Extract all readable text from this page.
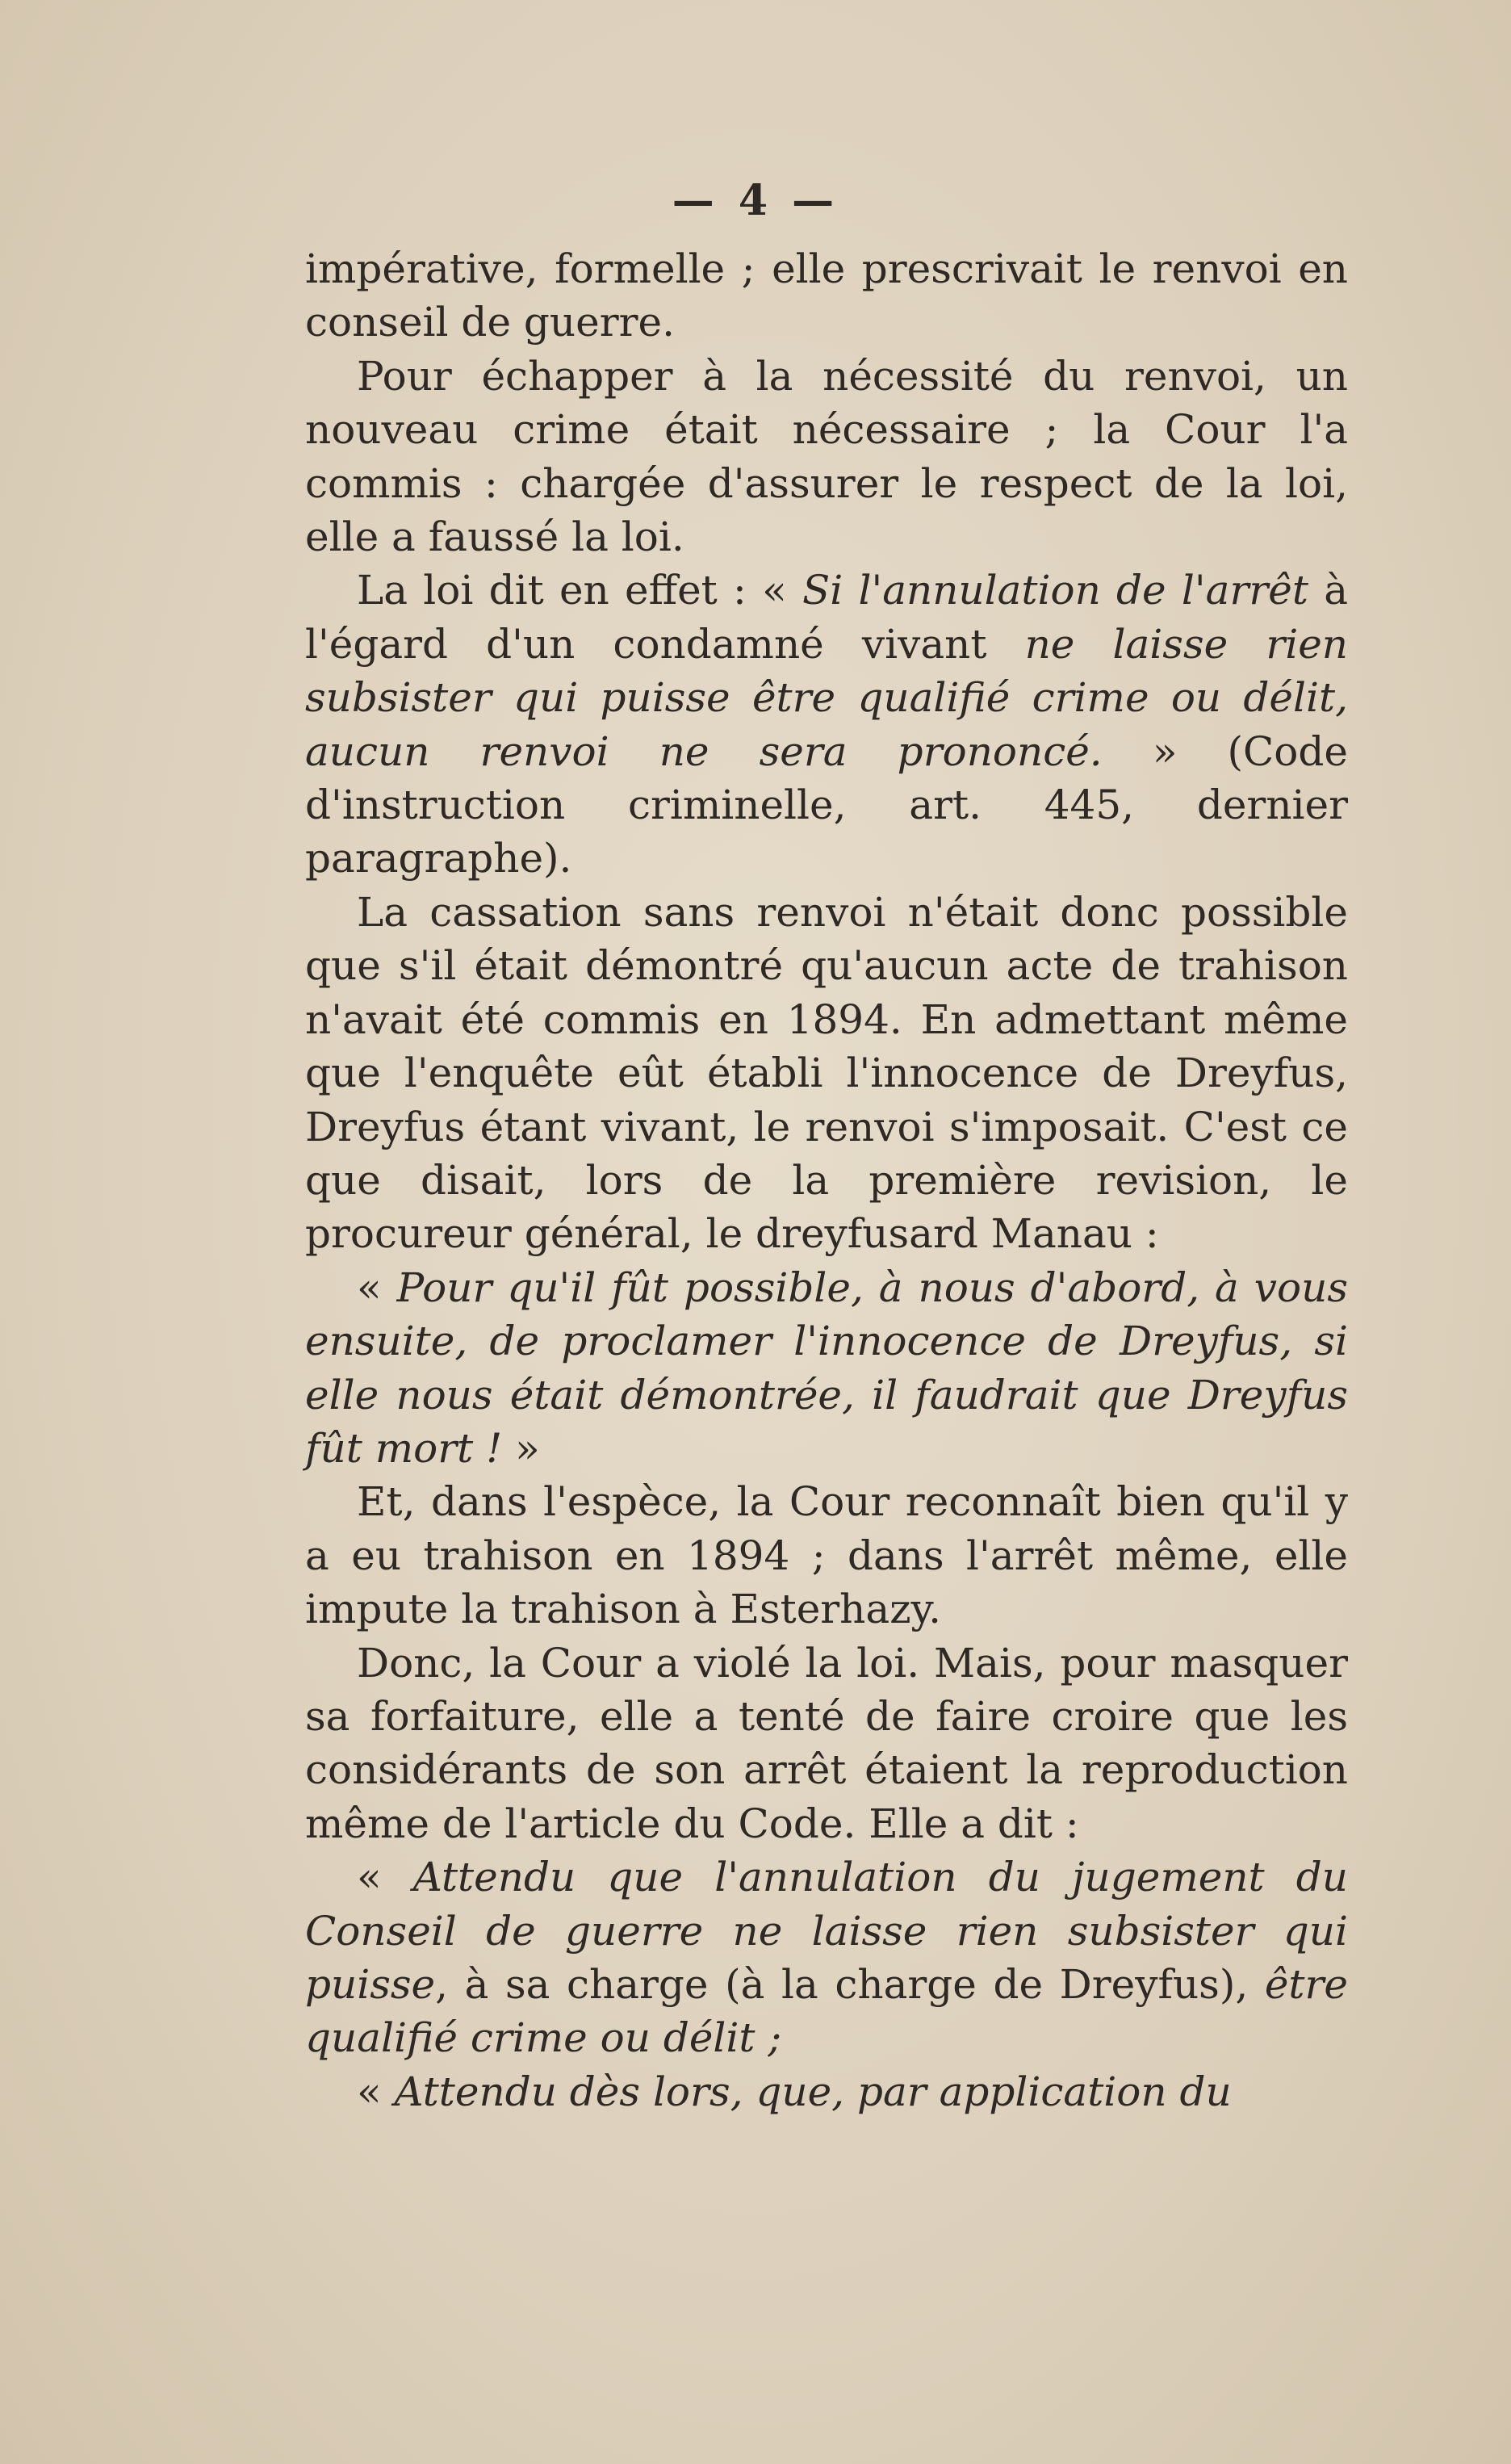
— 4 —

impérative, formelle ; elle prescrivait le renvoi en conseil de guerre.

Pour échapper à la nécessité du renvoi, un nouveau crime était nécessaire ; la Cour l'a commis : chargée d'assurer le respect de la loi, elle a faussé la loi.

La loi dit en effet : « Si l'annulation de l'arrêt à l'égard d'un condamné vivant ne laisse rien subsister qui puisse être qualifié crime ou délit, aucun renvoi ne sera prononcé. » (Code d'instruction criminelle, art. 445, dernier paragraphe).

La cassation sans renvoi n'était donc possible que s'il était démontré qu'aucun acte de trahison n'avait été commis en 1894. En admettant même que l'enquête eût établi l'innocence de Dreyfus, Dreyfus étant vivant, le renvoi s'imposait. C'est ce que disait, lors de la première revision, le procureur général, le dreyfusard Manau :

« Pour qu'il fût possible, à nous d'abord, à vous ensuite, de proclamer l'innocence de Dreyfus, si elle nous était démontrée, il faudrait que Dreyfus fût mort ! »

Et, dans l'espèce, la Cour reconnaît bien qu'il y a eu trahison en 1894 ; dans l'arrêt même, elle impute la trahison à Esterhazy.

Donc, la Cour a violé la loi. Mais, pour masquer sa forfaiture, elle a tenté de faire croire que les considérants de son arrêt étaient la reproduction même de l'article du Code. Elle a dit :

« Attendu que l'annulation du jugement du Conseil de guerre ne laisse rien subsister qui puisse, à sa charge (à la charge de Dreyfus), être qualifié crime ou délit ;

« Attendu dès lors, que, par application du
